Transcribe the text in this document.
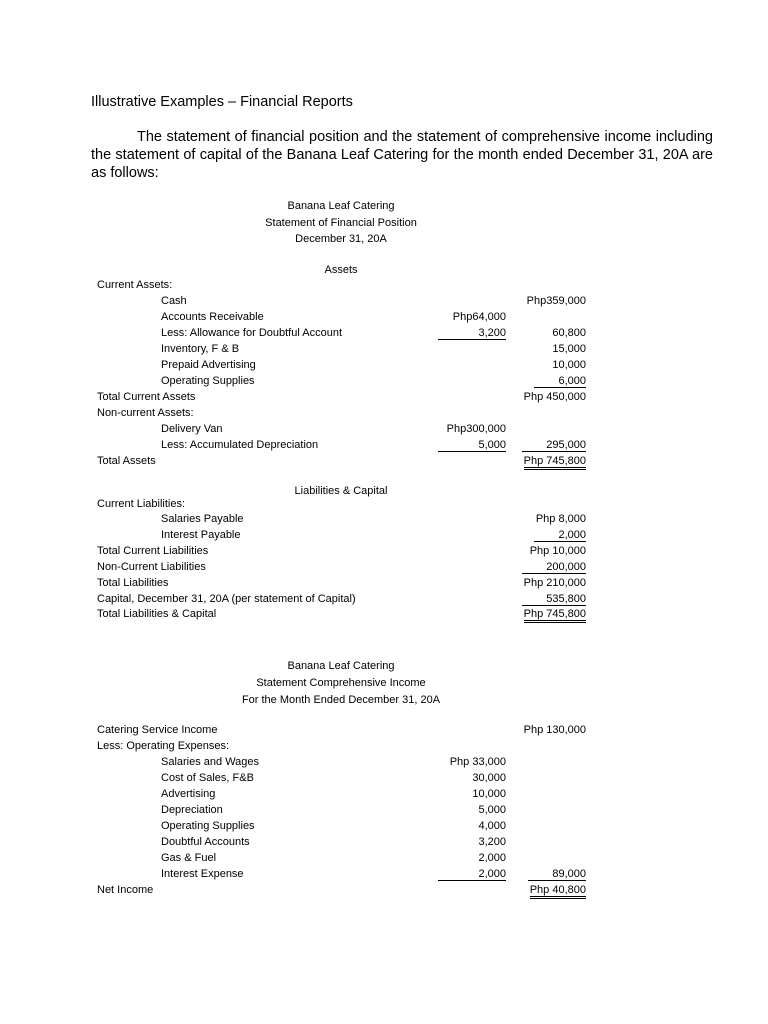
Illustrative Examples – Financial Reports
The statement of financial position and the statement of comprehensive income including the statement of capital of the Banana Leaf Catering for the month ended December 31, 20A are as follows:
Banana Leaf Catering
Statement of Financial Position
December 31, 20A
Assets
Current Assets:
Cash	Php359,000
Accounts Receivable	Php64,000
Less: Allowance for Doubtful Account	3,200	60,800
Inventory, F & B	15,000
Prepaid Advertising	10,000
Operating Supplies	6,000
Total Current Assets	Php 450,000
Non-current Assets:
Delivery Van	Php300,000
Less: Accumulated Depreciation	5,000	295,000
Total Assets	Php 745,800
Liabilities & Capital
Current Liabilities:
Salaries Payable	Php 8,000
Interest Payable	2,000
Total Current Liabilities	Php 10,000
Non-Current Liabilities	200,000
Total Liabilities	Php 210,000
Capital, December 31, 20A (per statement of Capital)	535,800
Total Liabilities & Capital	Php 745,800
Banana Leaf Catering
Statement Comprehensive Income
For the Month Ended December 31, 20A
Catering Service Income	Php 130,000
Less: Operating Expenses:
Salaries and Wages	Php 33,000
Cost of Sales, F&B	30,000
Advertising	10,000
Depreciation	5,000
Operating Supplies	4,000
Doubtful Accounts	3,200
Gas & Fuel	2,000
Interest Expense	2,000	89,000
Net Income	Php 40,800
